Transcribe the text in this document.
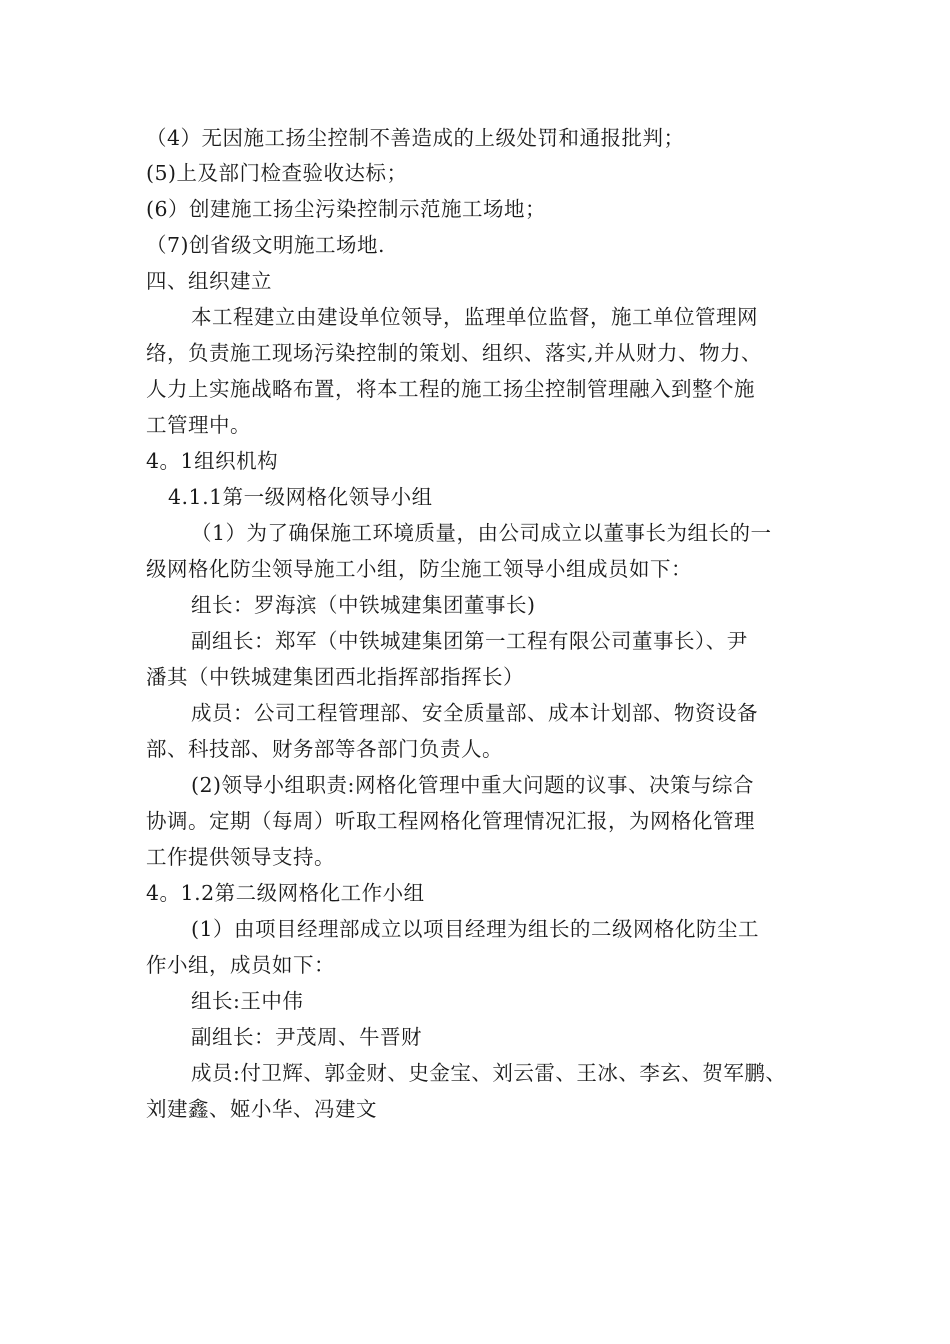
（4）无因施工扬尘控制不善造成的上级处罚和通报批判；
(5)上及部门检查验收达标；
(6）创建施工扬尘污染控制示范施工场地；
（7)创省级文明施工场地.
四、组织建立
本工程建立由建设单位领导，监理单位监督，施工单位管理网
络，负责施工现场污染控制的策划、组织、落实,并从财力、物力、
人力上实施战略布置，将本工程的施工扬尘控制管理融入到整个施
工管理中。
4。1组织机构
4.1.1第一级网格化领导小组
（1）为了确保施工环境质量，由公司成立以董事长为组长的一
级网格化防尘领导施工小组，防尘施工领导小组成员如下：
组长：罗海滨（中铁城建集团董事长)
副组长：郑军（中铁城建集团第一工程有限公司董事长）、尹
潘其（中铁城建集团西北指挥部指挥长）
成员：公司工程管理部、安全质量部、成本计划部、物资设备
部、科技部、财务部等各部门负责人。
(2)领导小组职责:网格化管理中重大问题的议事、决策与综合
协调。定期（每周）听取工程网格化管理情况汇报，为网格化管理
工作提供领导支持。
4。1.2第二级网格化工作小组
(1）由项目经理部成立以项目经理为组长的二级网格化防尘工
作小组，成员如下：
组长:王中伟
副组长：尹茂周、牛晋财
成员:付卫辉、郭金财、史金宝、刘云雷、王冰、李玄、贺军鹏、
刘建鑫、姬小华、冯建文
